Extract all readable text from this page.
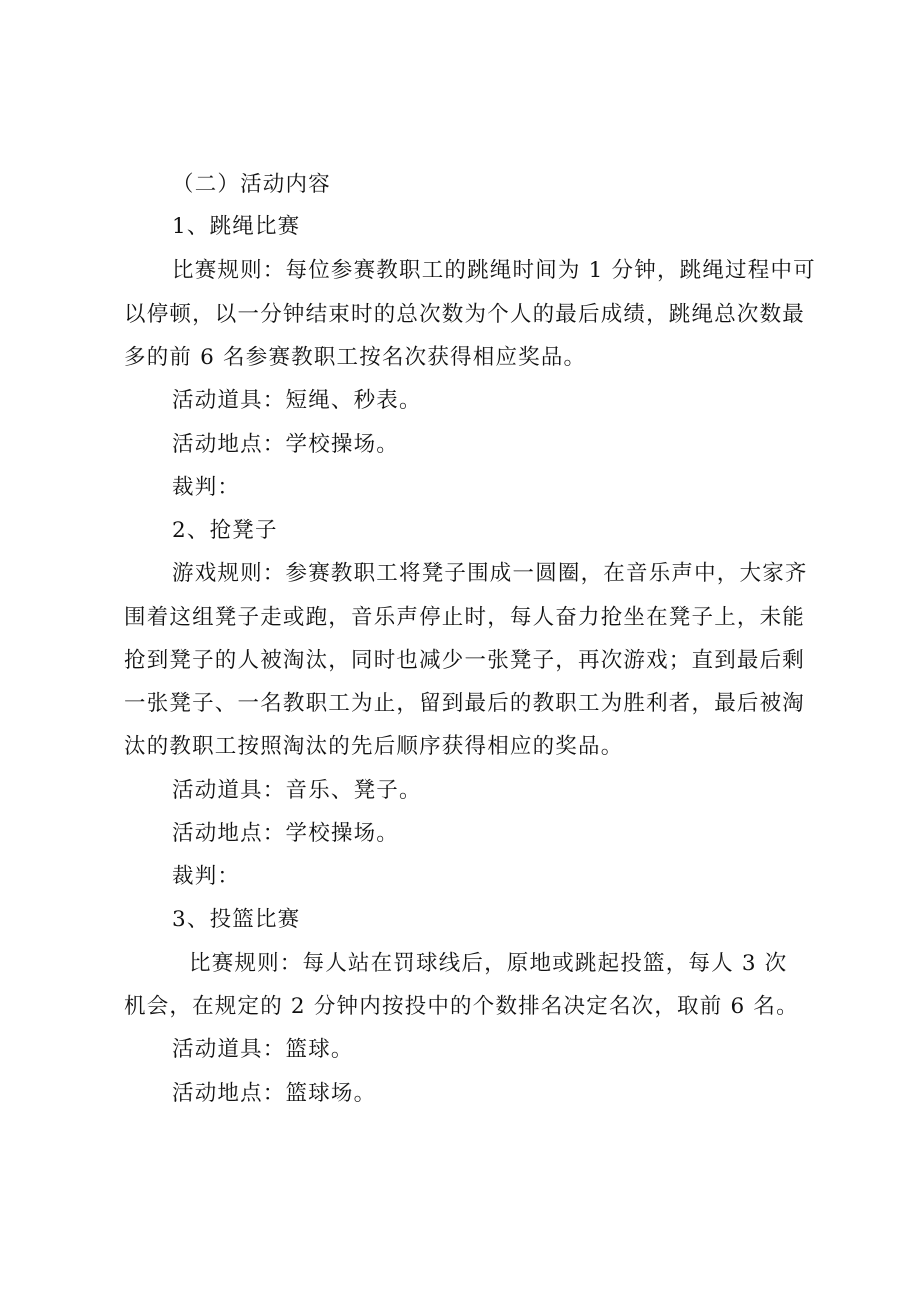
（二）活动内容
1、跳绳比赛
比赛规则：每位参赛教职工的跳绳时间为 1 分钟，跳绳过程中可
以停顿，以一分钟结束时的总次数为个人的最后成绩，跳绳总次数最
多的前 6 名参赛教职工按名次获得相应奖品。
活动道具：短绳、秒表。
活动地点：学校操场。
裁判：
2、抢凳子
游戏规则：参赛教职工将凳子围成一圆圈，在音乐声中，大家齐
围着这组凳子走或跑，音乐声停止时，每人奋力抢坐在凳子上，未能
抢到凳子的人被淘汰，同时也减少一张凳子，再次游戏；直到最后剩
一张凳子、一名教职工为止，留到最后的教职工为胜利者，最后被淘
汰的教职工按照淘汰的先后顺序获得相应的奖品。
活动道具：音乐、凳子。
活动地点：学校操场。
裁判：
3、投篮比赛
比赛规则：每人站在罚球线后，原地或跳起投篮，每人 3 次
机会，在规定的 2 分钟内按投中的个数排名决定名次，取前 6 名。
活动道具：篮球。
活动地点：篮球场。
